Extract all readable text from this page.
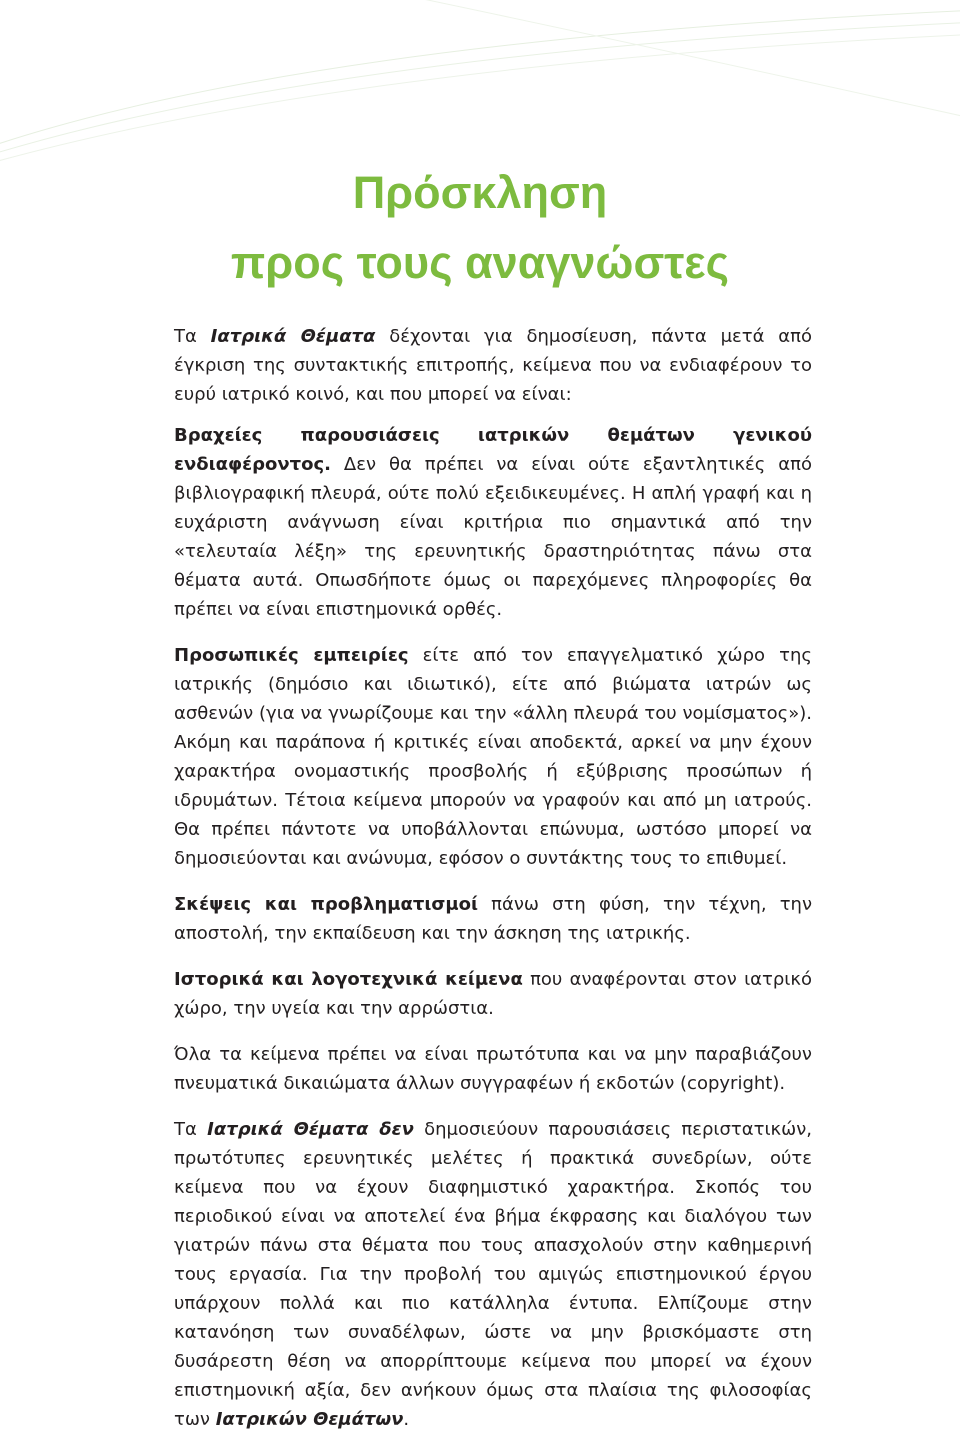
Πρόσκληση
προς τους αναγνώστες

Τα Ιατρικά Θέματα δέχονται για δημοσίευση, πάντα μετά από έγκριση της συντακτικής επιτροπής, κείμενα που να ενδιαφέρουν το ευρύ ιατρικό κοινό, και που μπορεί να είναι:

Βραχείες παρουσιάσεις ιατρικών θεμάτων γενικού ενδιαφέροντος. Δεν θα πρέπει να είναι ούτε εξαντλητικές από βιβλιογραφική πλευρά, ούτε πολύ εξειδικευμένες. Η απλή γραφή και η ευχάριστη ανάγνωση είναι κριτήρια πιο σημαντικά από την «τελευταία λέξη» της ερευνητικής δραστηριότητας πάνω στα θέματα αυτά. Οπωσδήποτε όμως οι παρεχόμενες πληροφορίες θα πρέπει να είναι επιστημονικά ορθές.

Προσωπικές εμπειρίες είτε από τον επαγγελματικό χώρο της ιατρικής (δημόσιο και ιδιωτικό), είτε από βιώματα ιατρών ως ασθενών (για να γνωρίζουμε και την «άλλη πλευρά του νομίσματος»). Ακόμη και παράπονα ή κριτικές είναι αποδεκτά, αρκεί να μην έχουν χαρακτήρα ονομαστικής προσβολής ή εξύβρισης προσώπων ή ιδρυμάτων. Τέτοια κείμενα μπορούν να γραφούν και από μη ιατρούς. Θα πρέπει πάντοτε να υποβάλλονται επώνυμα, ωστόσο μπορεί να δημοσιεύονται και ανώνυμα, εφόσον ο συντάκτης τους το επιθυμεί.

Σκέψεις και προβληματισμοί πάνω στη φύση, την τέχνη, την αποστολή, την εκπαίδευση και την άσκηση της ιατρικής.

Ιστορικά και λογοτεχνικά κείμενα που αναφέρονται στον ιατρικό χώρο, την υγεία και την αρρώστια.

Όλα τα κείμενα πρέπει να είναι πρωτότυπα και να μην παραβιάζουν πνευματικά δικαιώματα άλλων συγγραφέων ή εκδοτών (copyright).

Τα Ιατρικά Θέματα δεν δημοσιεύουν παρουσιάσεις περιστατικών, πρωτότυπες ερευνητικές μελέτες ή πρακτικά συνεδρίων, ούτε κείμενα που να έχουν διαφημιστικό χαρακτήρα. Σκοπός του περιοδικού είναι να αποτελεί ένα βήμα έκφρασης και διαλόγου των γιατρών πάνω στα θέματα που τους απασχολούν στην καθημερινή τους εργασία. Για την προβολή του αμιγώς επιστημονικού έργου υπάρχουν πολλά και πιο κατάλληλα έντυπα. Ελπίζουμε στην κατανόηση των συναδέλφων, ώστε να μην βρισκόμαστε στη δυσάρεστη θέση να απορρίπτουμε κείμενα που μπορεί να έχουν επιστημονική αξία, δεν ανήκουν όμως στα πλαίσια της φιλοσοφίας των Ιατρικών Θεμάτων.
